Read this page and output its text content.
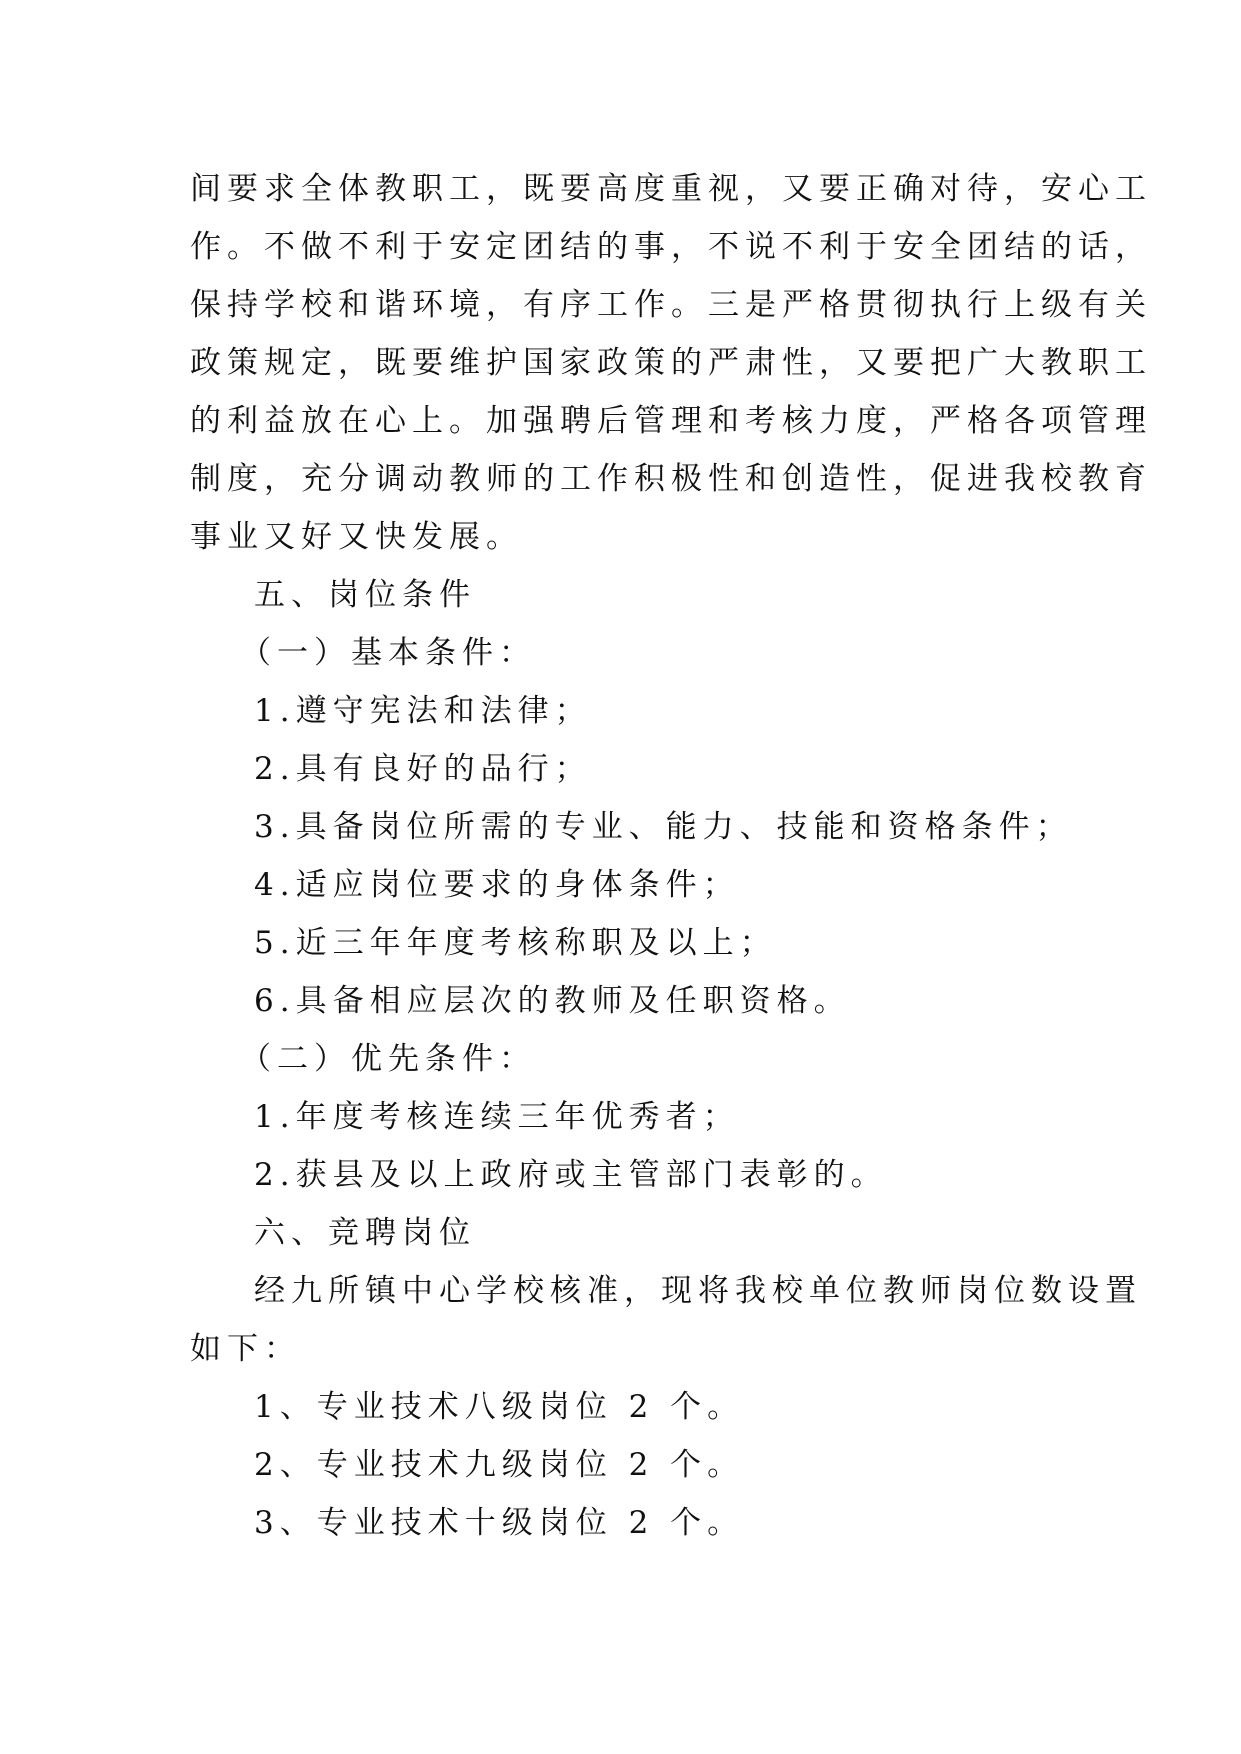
间要求全体教职工，既要高度重视，又要正确对待，安心工
作。不做不利于安定团结的事，不说不利于安全团结的话，
保持学校和谐环境，有序工作。三是严格贯彻执行上级有关
政策规定，既要维护国家政策的严肃性，又要把广大教职工
的利益放在心上。加强聘后管理和考核力度，严格各项管理
制度，充分调动教师的工作积极性和创造性，促进我校教育
事业又好又快发展。
五、岗位条件
（一）基本条件：
1.遵守宪法和法律；
2.具有良好的品行；
3.具备岗位所需的专业、能力、技能和资格条件；
4.适应岗位要求的身体条件；
5.近三年年度考核称职及以上；
6.具备相应层次的教师及任职资格。
（二）优先条件：
1.年度考核连续三年优秀者；
2.获县及以上政府或主管部门表彰的。
六、竞聘岗位
经九所镇中心学校核准，现将我校单位教师岗位数设置
如下：
1、专业技术八级岗位 2 个。
2、专业技术九级岗位 2 个。
3、专业技术十级岗位 2 个。
